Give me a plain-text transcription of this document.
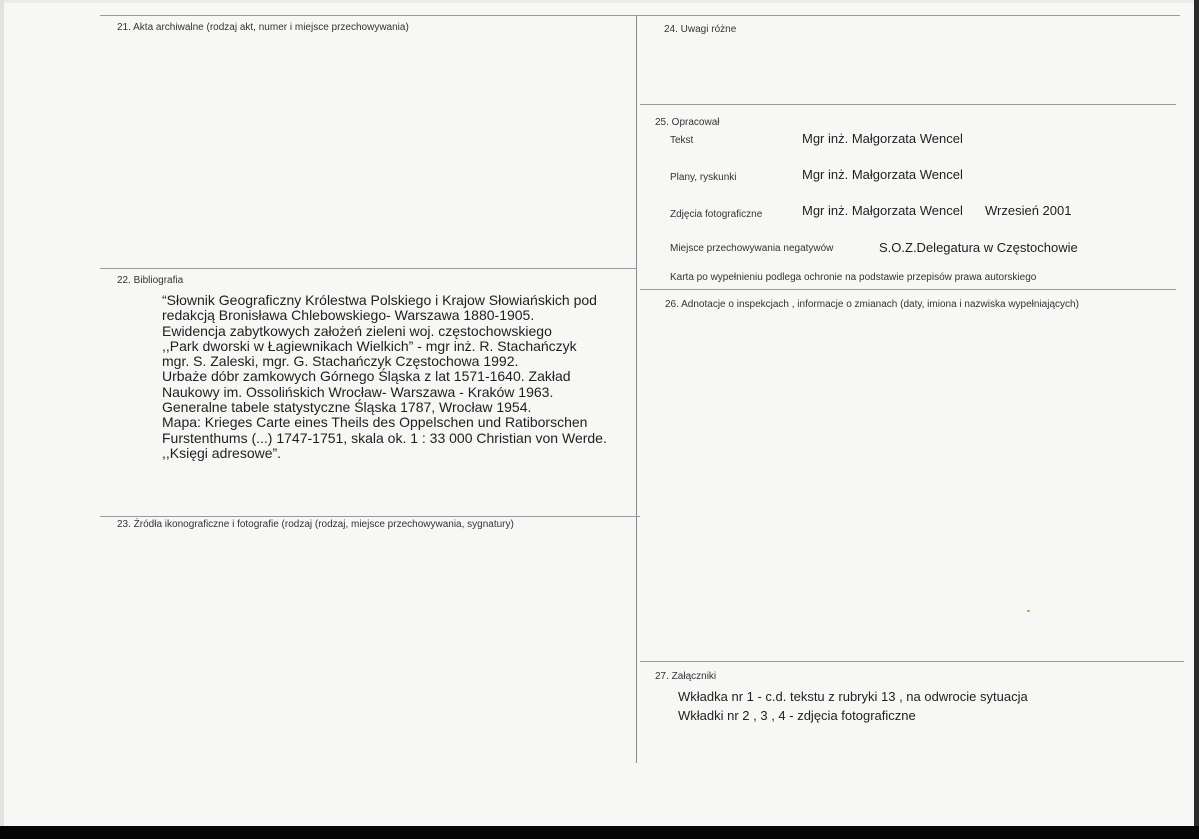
21. Akta archiwalne (rodzaj akt, numer i miejsce przechowywania)
22. Bibliografia
“Słownik Geograficzny Królestwa Polskiego i Krajow Słowiańskich pod
redakcją Bronisława Chlebowskiego- Warszawa 1880-1905.
Ewidencja zabytkowych założeń zieleni woj. częstochowskiego
,,Park dworski w Łagiewnikach Wielkich” - mgr inż. R. Stachańczyk
mgr. S. Zaleski, mgr. G. Stachańczyk Częstochowa 1992.
Urbaże dóbr zamkowych Górnego Śląska z lat 1571-1640. Zakład
Naukowy im. Ossolińskich Wrocław- Warszawa - Kraków 1963.
Generalne tabele statystyczne Śląska 1787, Wrocław 1954.
Mapa: Krieges Carte eines Theils des Oppelschen und Ratiborschen
Furstenthums (...) 1747-1751, skala ok. 1 : 33 000 Christian von Werde.
,,Księgi adresowe”.
23. Źródła ikonograficzne i fotografie (rodzaj (rodzaj, miejsce przechowywania, sygnatury)
24. Uwagi różne
25. Opracował
Tekst	Mgr inż. Małgorzata Wencel
Plany, ryskunki	Mgr inż. Małgorzata Wencel
Zdjęcia fotograficzne	Mgr inż. Małgorzata Wencel Wrzesień 2001
Miejsce przechowywania negatywów	S.O.Z.Delegatura w Częstochowie
Karta po wypełnieniu podlega ochronie na podstawie przepisów prawa autorskiego
26. Adnotacje o inspekcjach , informacje o zmianach (daty, imiona i nazwiska wypełniających)
27. Załączniki
Wkładka nr 1 - c.d. tekstu z rubryki 13 , na odwrocie sytuacja
Wkładki nr 2 , 3 , 4 - zdjęcia fotograficzne
